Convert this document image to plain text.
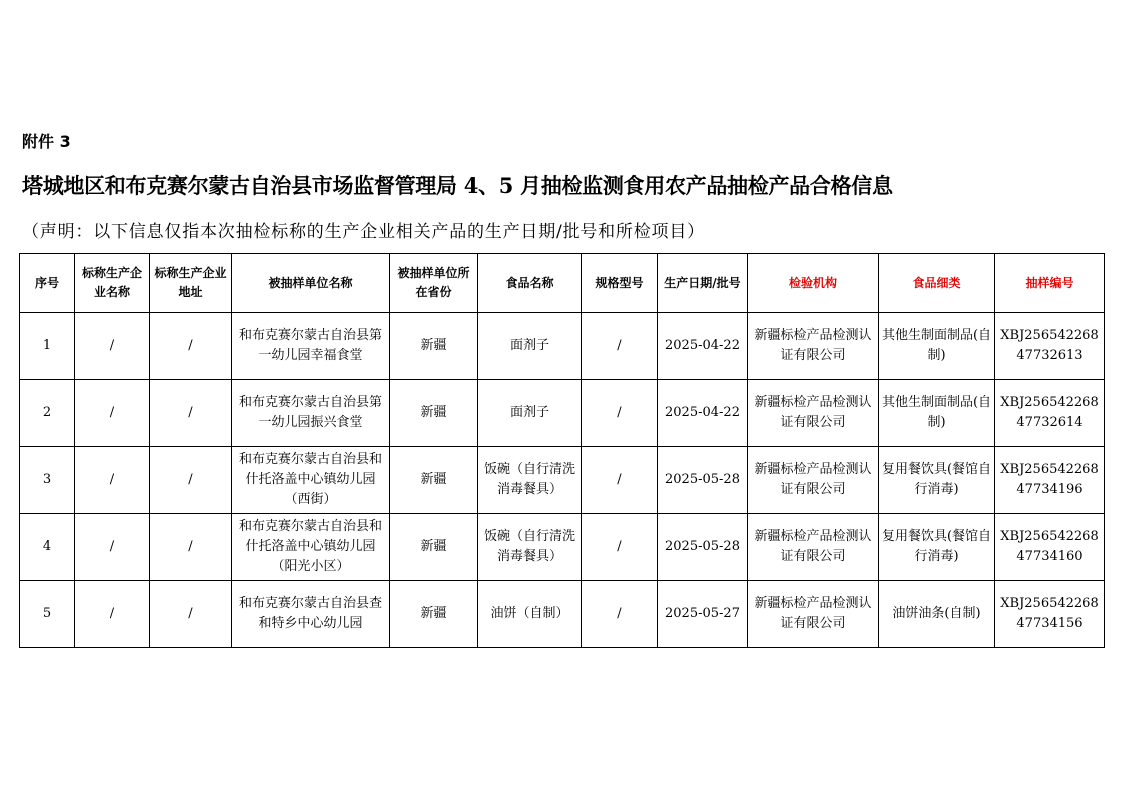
附件 3
塔城地区和布克赛尔蒙古自治县市场监督管理局 4、5 月抽检监测食用农产品抽检产品合格信息
（声明：以下信息仅指本次抽检标称的生产企业相关产品的生产日期/批号和所检项目）
序号	标称生产企业名称	标称生产企业地址	被抽样单位名称	被抽样单位所在省份	食品名称	规格型号	生产日期/批号	检验机构	食品细类	抽样编号
1	/	/	和布克赛尔蒙古自治县第一幼儿园幸福食堂	新疆	面剂子	/	2025-04-22	新疆标检产品检测认证有限公司	其他生制面制品(自制)	XBJ25654226847732613
2	/	/	和布克赛尔蒙古自治县第一幼儿园振兴食堂	新疆	面剂子	/	2025-04-22	新疆标检产品检测认证有限公司	其他生制面制品(自制)	XBJ25654226847732614
3	/	/	和布克赛尔蒙古自治县和什托洛盖中心镇幼儿园（西街）	新疆	饭碗（自行清洗消毒餐具）	/	2025-05-28	新疆标检产品检测认证有限公司	复用餐饮具(餐馆自行消毒)	XBJ25654226847734196
4	/	/	和布克赛尔蒙古自治县和什托洛盖中心镇幼儿园（阳光小区）	新疆	饭碗（自行清洗消毒餐具）	/	2025-05-28	新疆标检产品检测认证有限公司	复用餐饮具(餐馆自行消毒)	XBJ25654226847734160
5	/	/	和布克赛尔蒙古自治县查和特乡中心幼儿园	新疆	油饼（自制）	/	2025-05-27	新疆标检产品检测认证有限公司	油饼油条(自制)	XBJ25654226847734156
